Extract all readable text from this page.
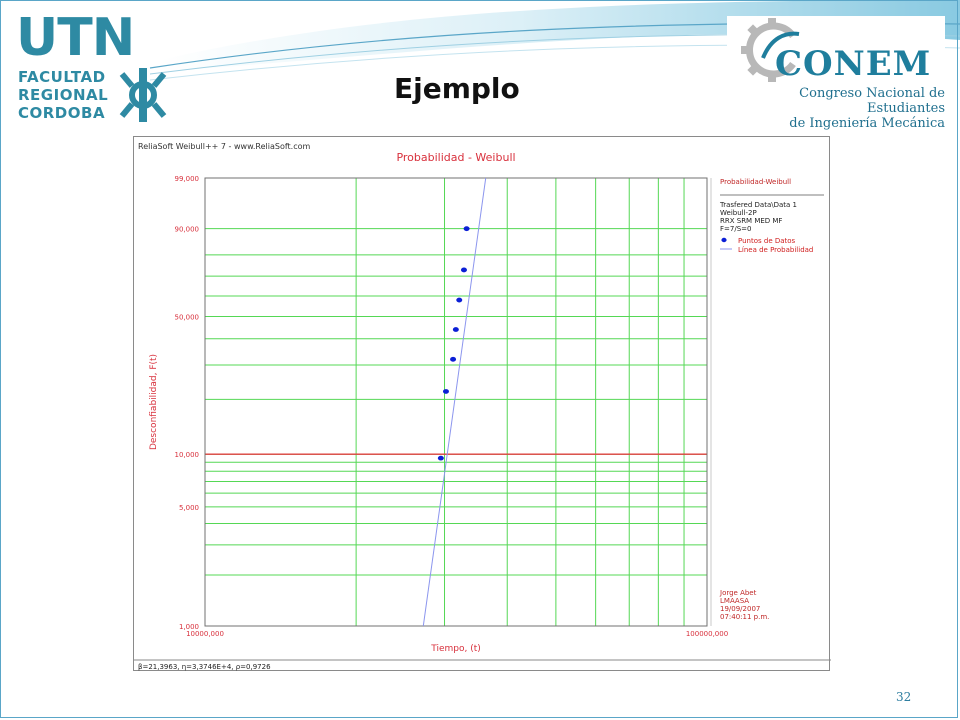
UTN
FACULTAD
REGIONAL
CORDOBA
Ejemplo
CONEM
Congreso Nacional de Estudiantes
de Ingeniería Mecánica
ReliaSoft Weibull++ 7 - www.ReliaSoft.com
Probabilidad - Weibull
1,000
5,000
10,000
50,000
90,000
99,000
10000,000	100000,000
Tiempo, (t)
Desconfiabilidad, F(t)
Probabilidad-Weibull
Trasfered Data\Data 1
Weibull-2P
RRX SRM MED MF
F=7/S=0
Puntos de Datos
Línea de Probabilidad
Jorge Abet
LMAASA
19/09/2007
07:40:11 p.m.
β=21,3963, η=3,3746E+4, ρ=0,9726
32
